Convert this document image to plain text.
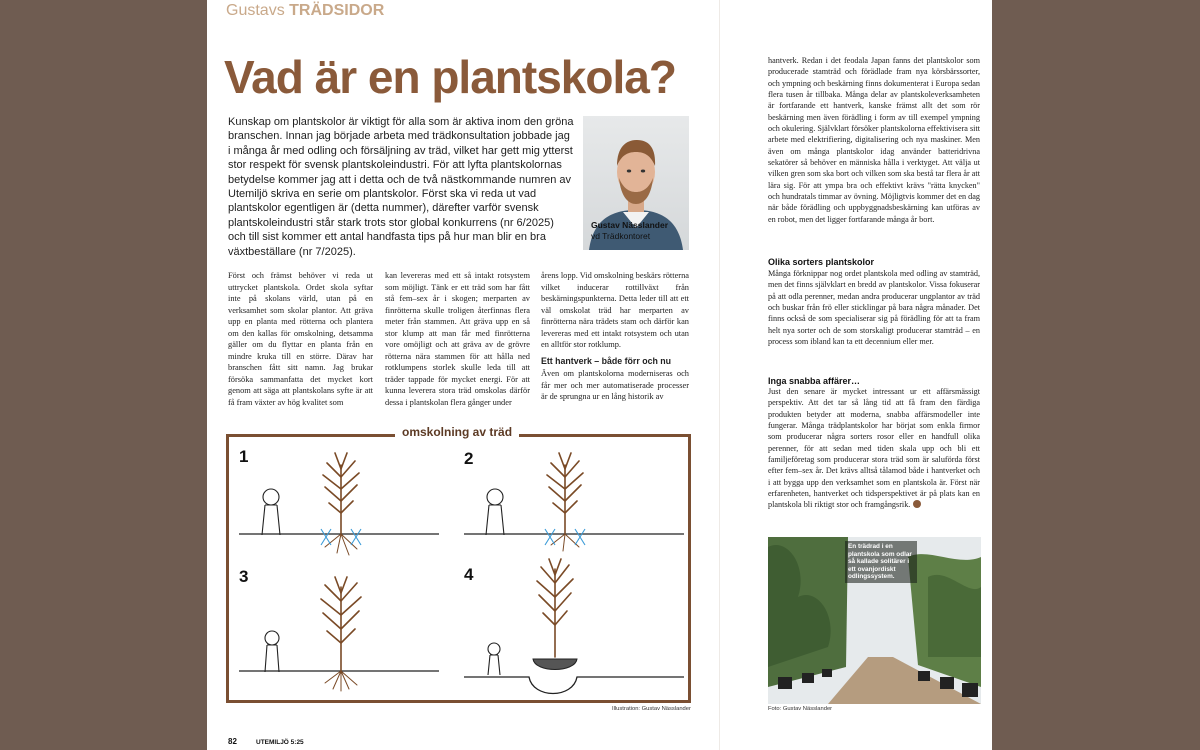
Gustavs TRÄDSIDOR
Vad är en plantskola?

Kunskap om plantskolor är viktigt för alla som är aktiva inom den gröna branschen. Innan jag började arbeta med trädkonsultation jobbade jag i många år med odling och försäljning av träd, vilket har gett mig ytterst stor respekt för svensk plantskoleindustri. För att lyfta plantskolornas betydelse kommer jag att i detta och de två nästkommande numren av Utemiljö skriva en serie om plantskolor. Först ska vi reda ut vad plantskolor egentligen är (detta nummer), därefter varför svensk plantskoleindustri står stark trots stor global konkurrens (nr 6/2025) och till sist kommer ett antal handfasta tips på hur man blir en bra växtbeställare (nr 7/2025).

Gustav Nässlander
vd Trädkontoret

Först och främst behöver vi reda ut uttrycket plantskola. Ordet skola syftar inte på skolans värld, utan på en verksamhet som skolar plantor. Att gräva upp en planta med rötterna och plantera om den kallas för omskolning, detsamma gäller om du flyttar en planta från en mindre kruka till en större. Därav har branschen fått sitt namn. Jag brukar försöka sammanfatta det mycket kort genom att säga att plantskolans syfte är att få fram växter av hög kvalitet som

kan levereras med ett så intakt rotsystem som möjligt. Tänk er ett träd som har fått stå fem–sex år i skogen; merparten av finrötterna skulle troligen återfinnas flera meter från stammen. Att gräva upp en så stor klump att man får med finrötterna vore omöjligt och att gräva av de grövre rötterna nära stammen för att hålla ned rotklumpens storlek skulle leda till att träder tappade för mycket energi. För att kunna leverera stora träd omskolas därför dessa i plantskolan flera gånger under

årens lopp. Vid omskolning beskärs rötterna vilket inducerar rottillväxt från beskärningspunkterna. Detta leder till att ett väl omskolat träd har merparten av finrötterna nära trädets stam och därför kan levereras med ett intakt rotsystem och utan en alltför stor rotklump.
Ett hantverk – både förr och nu
Även om plantskolorna moderniseras och får mer och mer automatiserade processer är de sprungna ur en lång historik av
1	2
3	4
omskolning av träd
Illustration: Gustav Nässlander

hantverk. Redan i det feodala Japan fanns det plantskolor som producerade stamträd och förädlade fram nya körsbärssorter, och ympning och beskärning finns dokumenterat i Europa sedan flera tusen år tillbaka. Många delar av plantskoleverksamheten är fortfarande ett hantverk, kanske främst allt det som rör beskärning men även förädling i form av till exempel ympning och okulering. Självklart försöker plantskolorna effektivisera sitt arbete med elektrifiering, digitalisering och nya maskiner. Men även om många plantskolor idag använder batteridrivna sekatörer så behöver en människa hålla i verktyget. Att välja ut vilken gren som ska bort och vilken som ska bestå tar flera år att lära sig. För att ympa bra och effektivt krävs "rätta knycken" och hundratals timmar av övning. Möjligtvis kommer det en dag när både förädling och uppbyggnadsbeskärning kan utföras av en robot, men det ligger fortfarande många år bort.

Olika sorters plantskolor

Många förknippar nog ordet plantskola med odling av stamträd, men det finns självklart en bredd av plantskolor. Vissa fokuserar på att odla perenner, medan andra producerar ungplantor av träd och buskar från frö eller sticklingar på bara några månader. Det finns också de som specialiserar sig på förädling för att ta fram helt nya sorter och de som storskaligt producerar stamträd – en process som ibland kan ta ett decennium eller mer.

Inga snabba affärer…

Just den senare är mycket intressant ur ett affärsmässigt perspektiv. Att det tar så lång tid att få fram den färdiga produkten betyder att moderna, snabba affärsmodeller inte fungerar. Många trädplantskolor har börjat som enkla firmor som producerar några sorters rosor eller en handfull olika perenner, för att sedan med tiden skala upp och bli ett familjeföretag som producerar stora träd som är saluförda först efter fem–sex år. Det krävs alltså tålamod både i hantverket och i att bygga upp den verksamhet som en plantskola är. Först när erfarenheten, hantverket och tidsperspektivet är på plats kan en plantskola bli riktigt stor och framgångsrik.
En trädrad i en plantskola som odlar så kallade solitärer i ett ovanjordiskt odlingssystem.
Foto: Gustav Nässlander
82	UTEMILJÖ 5:25
